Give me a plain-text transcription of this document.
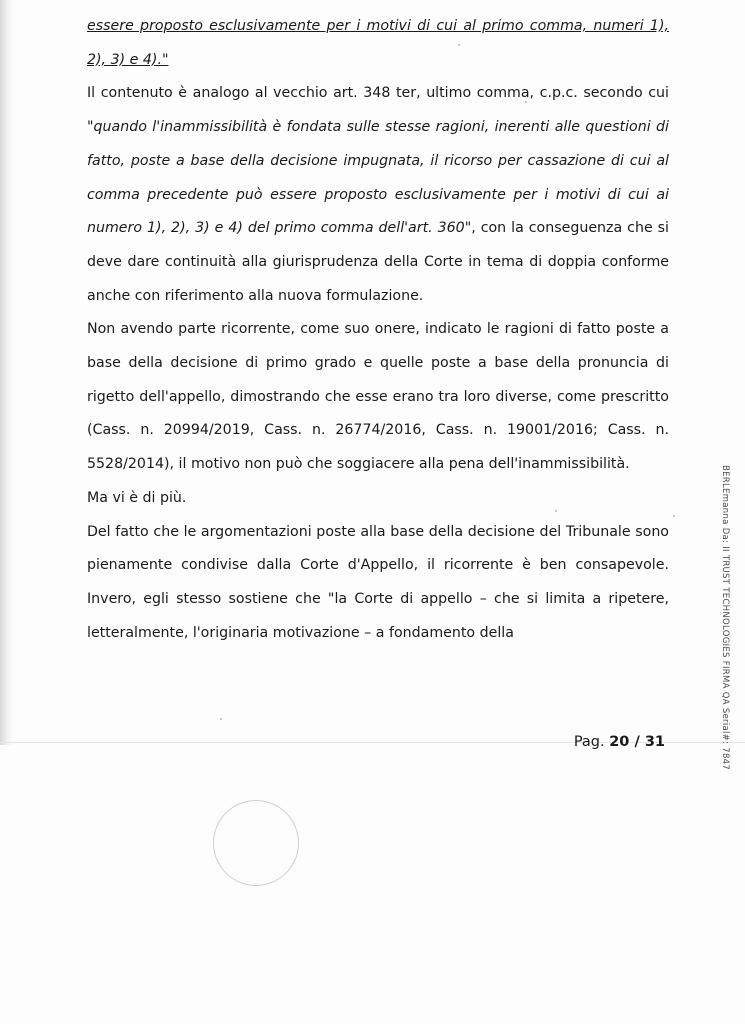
essere proposto esclusivamente per i motivi di cui al primo comma, numeri 1), 2), 3) e 4)."

Il contenuto è analogo al vecchio art. 348 ter, ultimo comma, c.p.c. secondo cui "quando l'inammissibilità è fondata sulle stesse ragioni, inerenti alle questioni di fatto, poste a base della decisione impugnata, il ricorso per cassazione di cui al comma precedente può essere proposto esclusivamente per i motivi di cui ai numero 1), 2), 3) e 4) del primo comma dell'art. 360", con la conseguenza che si deve dare continuità alla giurisprudenza della Corte in tema di doppia conforme anche con riferimento alla nuova formulazione.

Non avendo parte ricorrente, come suo onere, indicato le ragioni di fatto poste a base della decisione di primo grado e quelle poste a base della pronuncia di rigetto dell'appello, dimostrando che esse erano tra loro diverse, come prescritto (Cass. n. 20994/2019, Cass. n. 26774/2016, Cass. n. 19001/2016; Cass. n. 5528/2014), il motivo non può che soggiacere alla pena dell'inammissibilità.

Ma vi è di più.

Del fatto che le argomentazioni poste alla base della decisione del Tribunale sono pienamente condivise dalla Corte d'Appello, il ricorrente è ben consapevole. Invero, egli stesso sostiene che "la Corte di appello – che si limita a ripetere, letteralmente, l'originaria motivazione – a fondamento della

Pag. 20 / 31	BERLEmanna Da: II TRUST TECHNOLOGIES FIRMA QA Serial#: 7847
